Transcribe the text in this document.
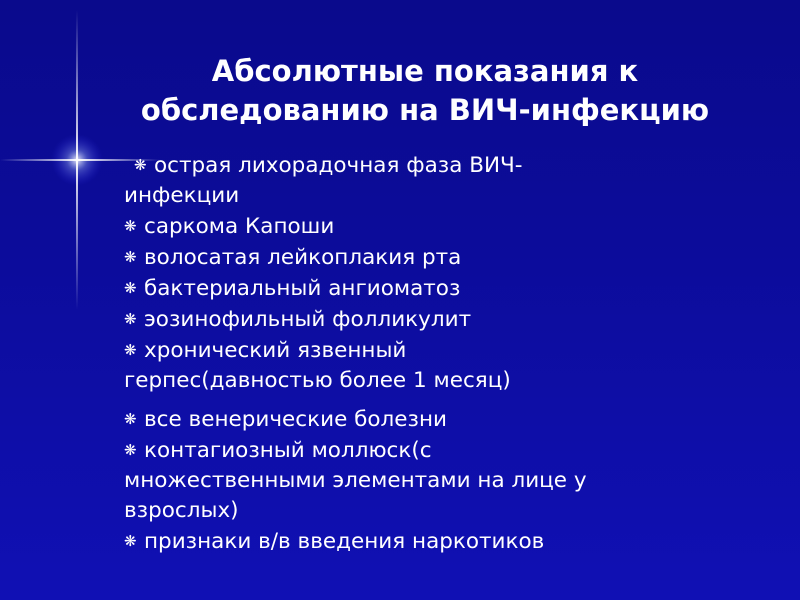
Абсолютные показания к
обследованию на ВИЧ-инфекцию
❋ острая лихорадочная фаза ВИЧ-
инфекции
❋ саркома Капоши
❋ волосатая лейкоплакия рта
❋ бактериальный ангиоматоз
❋ эозинофильный фолликулит
❋ хронический язвенный
герпес(давностью более 1 месяц)
❋ все венерические болезни
❋ контагиозный моллюск(с
множественными элементами на лице у
взрослых)
❋ признаки в/в введения наркотиков
